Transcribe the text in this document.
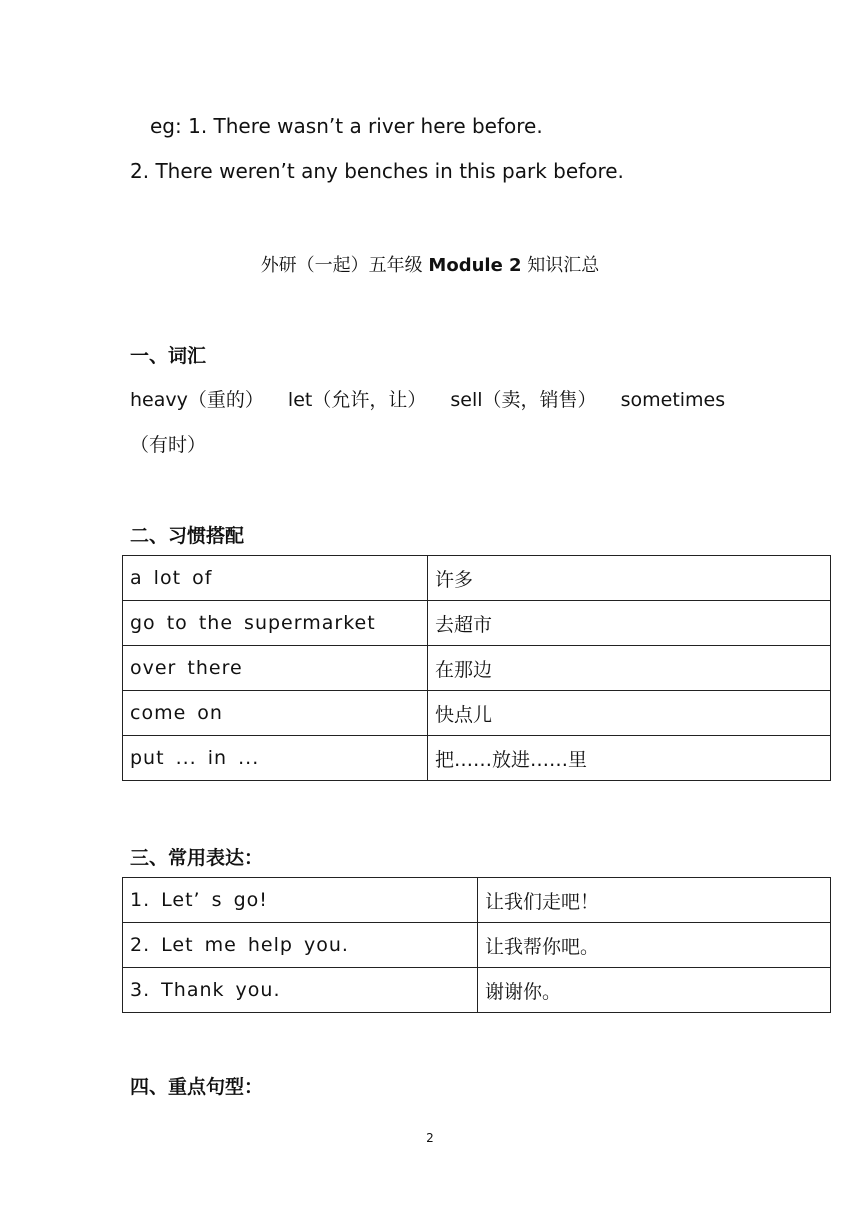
eg: 1. There wasn’t a river here before.
2. There weren’t any benches in this park before.
外研（一起）五年级 Module 2 知识汇总
一、词汇
heavy（重的） let（允许，让） sell（卖，销售） sometimes
（有时）
二、习惯搭配
a lot of	许多
go to the supermarket	去超市
over there	在那边
come on	快点儿
put ... in ...	把……放进……里
三、常用表达：
1. Let’ s go!	让我们走吧！
2. Let me help you.	让我帮你吧。
3. Thank you.	谢谢你。
四、重点句型：
2
